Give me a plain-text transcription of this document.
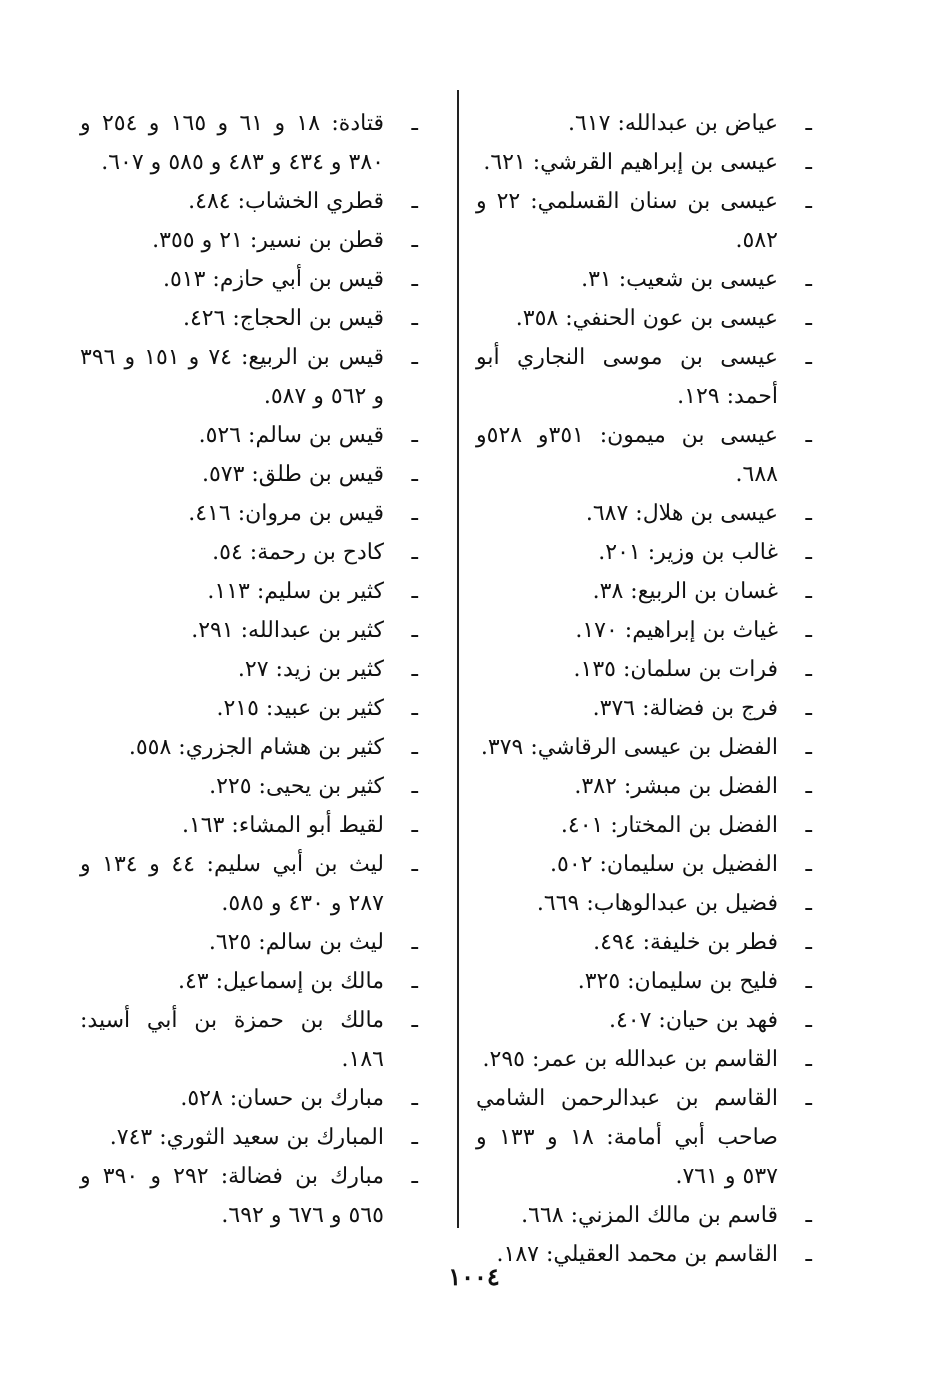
ـ
عياض بن عبدالله: ٦١٧.
ـ
عيسى بن إبراهيم القرشي: ٦٢١.
ـ
عيسى بن سنان القسلمي: ٢٢ و ٥٨٢.
ـ
عيسى بن شعيب: ٣١.
ـ
عيسى بن عون الحنفي: ٣٥٨.
ـ
عيسى بن موسى النجاري أبو أحمد: ١٢٩.
ـ
عيسى بن ميمون: ٣٥١و ٥٢٨و ٦٨٨.
ـ
عيسى بن هلال: ٦٨٧.
ـ
غالب بن وزير: ٢٠١.
ـ
غسان بن الربيع: ٣٨.
ـ
غياث بن إبراهيم: ١٧٠.
ـ
فرات بن سلمان: ١٣٥.
ـ
فرج بن فضالة: ٣٧٦.
ـ
الفضل بن عيسى الرقاشي: ٣٧٩.
ـ
الفضل بن مبشر: ٣٨٢.
ـ
الفضل بن المختار: ٤٠١.
ـ
الفضيل بن سليمان: ٥٠٢.
ـ
فضيل بن عبدالوهاب: ٦٦٩.
ـ
فطر بن خليفة: ٤٩٤.
ـ
فليح بن سليمان: ٣٢٥.
ـ
فهد بن حيان: ٤٠٧.
ـ
القاسم بن عبدالله بن عمر: ٢٩٥.
ـ
القاسم بن عبدالرحمن الشامي صاحب أبي أمامة: ١٨ و ١٣٣ و ٥٣٧ و ٧٦١.
ـ
قاسم بن مالك المزني: ٦٦٨.
ـ
القاسم بن محمد العقيلي: ١٨٧.
ـ
قتادة: ١٨ و ٦١ و ١٦٥ و ٢٥٤ و ٣٨٠ و ٤٣٤ و ٤٨٣ و ٥٨٥ و ٦٠٧.
ـ
قطري الخشاب: ٤٨٤.
ـ
قطن بن نسير: ٢١ و ٣٥٥.
ـ
قيس بن أبي حازم: ٥١٣.
ـ
قيس بن الحجاج: ٤٢٦.
ـ
قيس بن الربيع: ٧٤ و ١٥١ و ٣٩٦ و ٥٦٢ و ٥٨٧.
ـ
قيس بن سالم: ٥٢٦.
ـ
قيس بن طلق: ٥٧٣.
ـ
قيس بن مروان: ٤١٦.
ـ
كادح بن رحمة: ٥٤.
ـ
كثير بن سليم: ١١٣.
ـ
كثير بن عبدالله: ٢٩١.
ـ
كثير بن زيد: ٢٧.
ـ
كثير بن عبيد: ٢١٥.
ـ
كثير بن هشام الجزري: ٥٥٨.
ـ
كثير بن يحيى: ٢٢٥.
ـ
لقيط أبو المشاء: ١٦٣.
ـ
ليث بن أبي سليم: ٤٤ و ١٣٤ و ٢٨٧ و ٤٣٠ و ٥٨٥.
ـ
ليث بن سالم: ٦٢٥.
ـ
مالك بن إسماعيل: ٤٣.
ـ
مالك بن حمزة بن أبي أسيد: ١٨٦.
ـ
مبارك بن حسان: ٥٢٨.
ـ
المبارك بن سعيد الثوري: ٧٤٣.
ـ
مبارك بن فضالة: ٢٩٢ و ٣٩٠ و ٥٦٥ و ٦٧٦ و ٦٩٢.
١٠٠٤
